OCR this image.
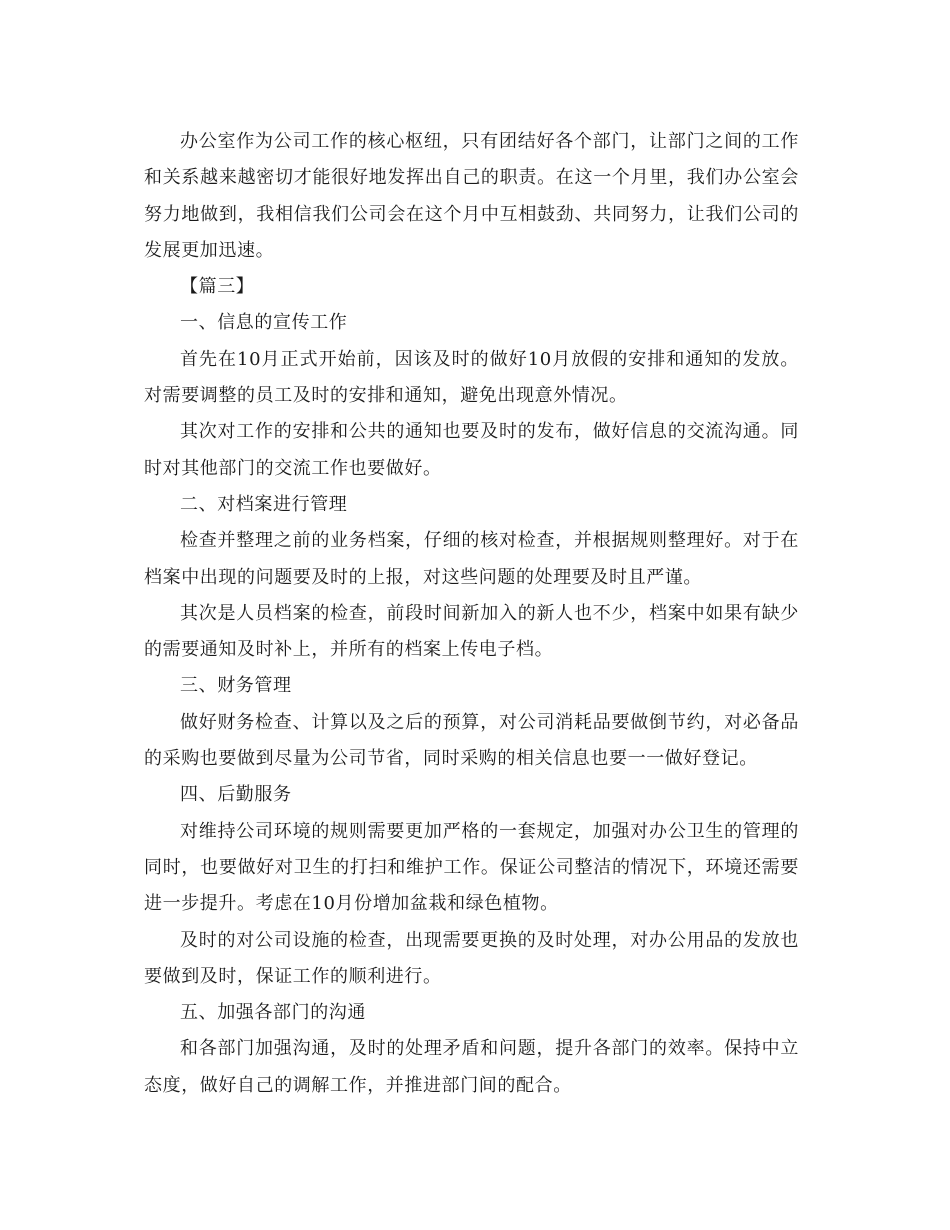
办公室作为公司工作的核心枢纽，只有团结好各个部门，让部门之间的工作和关系越来越密切才能很好地发挥出自己的职责。在这一个月里，我们办公室会努力地做到，我相信我们公司会在这个月中互相鼓劲、共同努力，让我们公司的发展更加迅速。

【篇三】

一、信息的宣传工作

首先在10月正式开始前，因该及时的做好10月放假的安排和通知的发放。对需要调整的员工及时的安排和通知，避免出现意外情况。

其次对工作的安排和公共的通知也要及时的发布，做好信息的交流沟通。同时对其他部门的交流工作也要做好。

二、对档案进行管理

检查并整理之前的业务档案，仔细的核对检查，并根据规则整理好。对于在档案中出现的问题要及时的上报，对这些问题的处理要及时且严谨。

其次是人员档案的检查，前段时间新加入的新人也不少，档案中如果有缺少的需要通知及时补上，并所有的档案上传电子档。

三、财务管理

做好财务检查、计算以及之后的预算，对公司消耗品要做倒节约，对必备品的采购也要做到尽量为公司节省，同时采购的相关信息也要一一做好登记。

四、后勤服务

对维持公司环境的规则需要更加严格的一套规定，加强对办公卫生的管理的同时，也要做好对卫生的打扫和维护工作。保证公司整洁的情况下，环境还需要进一步提升。考虑在10月份增加盆栽和绿色植物。

及时的对公司设施的检查，出现需要更换的及时处理，对办公用品的发放也要做到及时，保证工作的顺利进行。

五、加强各部门的沟通

和各部门加强沟通，及时的处理矛盾和问题，提升各部门的效率。保持中立态度，做好自己的调解工作，并推进部门间的配合。
